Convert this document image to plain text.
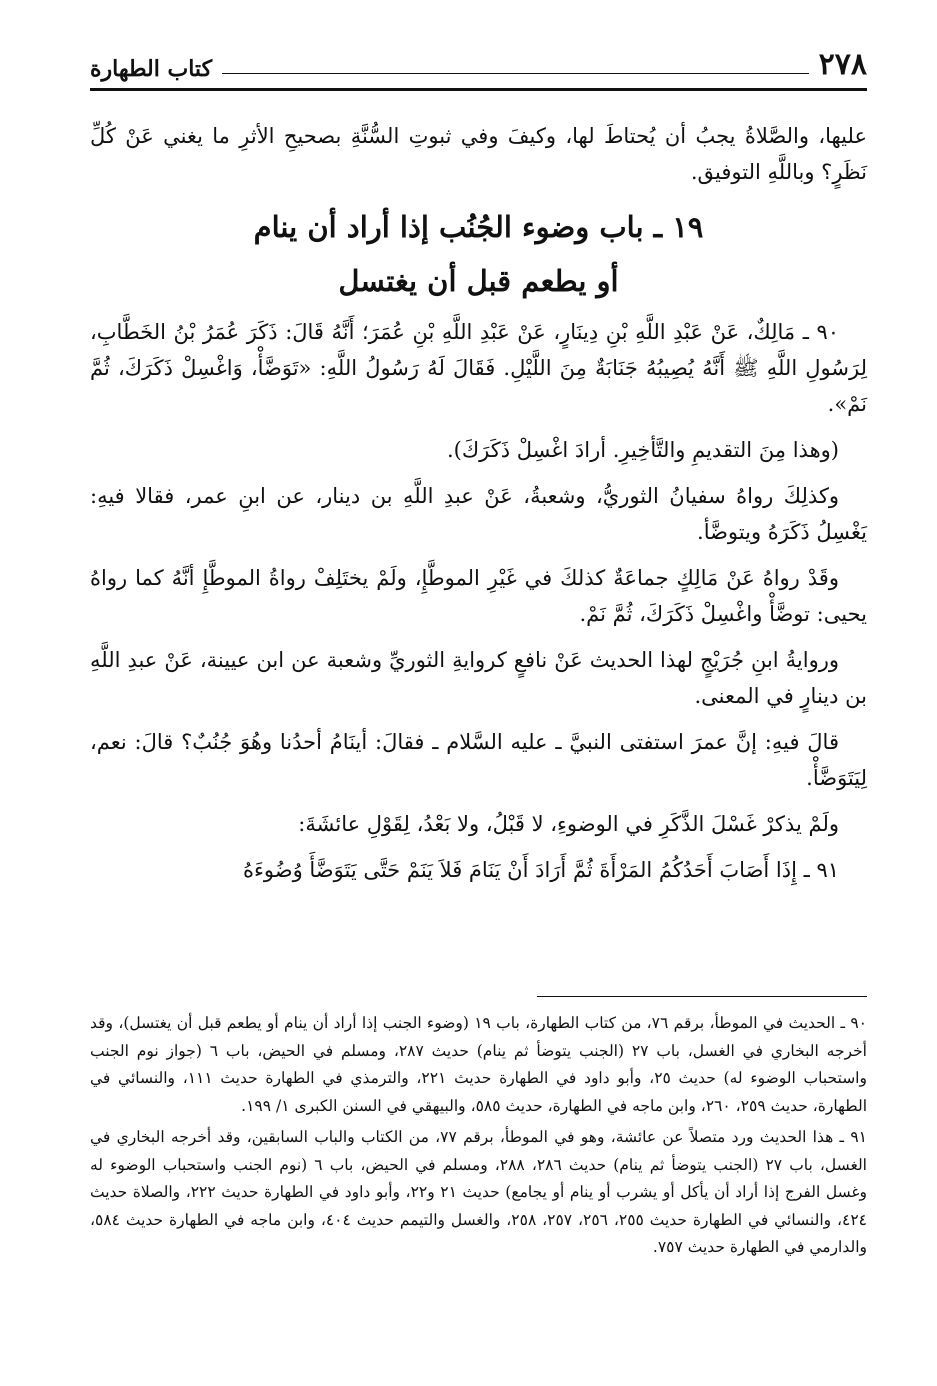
٢٧٨
كتاب الطهارة

عليها، والصَّلاةُ يجبُ أن يُحتاطَ لها، وكيفَ وفي ثبوتِ السُّنَّةِ بصحيحِ الأثرِ ما يغني عَنْ كُلِّ نَظَرٍ؟ وباللَّهِ التوفيق.

١٩ ـ باب وضوء الجُنُب إذا أراد أن ينام
أو يطعم قبل أن يغتسل

٩٠ ـ مَالِكٌ، عَنْ عَبْدِ اللَّهِ بْنِ دِينَارٍ، عَنْ عَبْدِ اللَّهِ بْنِ عُمَرَ؛ أَنَّهُ قَالَ: ذَكَرَ عُمَرُ بْنُ الخَطَّابِ، لِرَسُولِ اللَّهِ ﷺ أَنَّهُ يُصِيبُهُ جَنَابَةٌ مِنَ اللَّيْلِ. فَقَالَ لَهُ رَسُولُ اللَّهِ: «تَوَضَّأْ، وَاغْسِلْ ذَكَرَكَ، ثُمَّ نَمْ».

(وهذا مِنَ التقديمِ والتَّأخِيرِ. أرادَ اغْسِلْ ذَكَرَكَ).

وكذلِكَ رواهُ سفيانُ الثوريُّ، وشعبةُ، عَنْ عبدِ اللَّهِ بن دينار، عن ابنِ عمر، فقالا فيهِ: يَغْسِلُ ذَكَرَهُ ويتوضَّأ.

وقَدْ رواهُ عَنْ مَالِكٍ جماعَةٌ كذلكَ في غَيْرِ الموطَّإِ، ولَمْ يختَلِفْ رواةُ الموطَّإِ أنَّهُ كما رواهُ يحيى: توضَّأْ واغْسِلْ ذَكَرَكَ، ثُمَّ نَمْ.

وروايةُ ابنِ جُرَيْجٍ لهذا الحديث عَنْ نافعٍ كروايةِ الثوريِّ وشعبة عن ابن عيينة، عَنْ عبدِ اللَّهِ بن دينارٍ في المعنى.

قالَ فيهِ: إنَّ عمرَ استفتى النبيَّ ـ عليه السَّلام ـ فقالَ: أينَامُ أحدُنا وهُوَ جُنُبٌ؟ قالَ: نعم، لِيَتَوَضَّأْ.

ولَمْ يذكرْ غَسْلَ الذَّكَرِ في الوضوءِ، لا قَبْلُ، ولا بَعْدُ، لِقَوْلِ عائشَةَ:

٩١ ـ إِذَا أَصَابَ أَحَدُكُمُ المَرْأَةَ ثُمَّ أَرَادَ أَنْ يَنَامَ فَلاَ يَنَمْ حَتَّى يَتَوَضَّأَ وُضُوءَهُ

٩٠ ـ الحديث في الموطأ، برقم ٧٦، من كتاب الطهارة، باب ١٩ (وضوء الجنب إذا أراد أن ينام أو يطعم قبل أن يغتسل)، وقد أخرجه البخاري في الغسل، باب ٢٧ (الجنب يتوضأ ثم ينام) حديث ٢٨٧، ومسلم في الحيض، باب ٦ (جواز نوم الجنب واستحباب الوضوء له) حديث ٢٥، وأبو داود في الطهارة حديث ٢٢١، والترمذي في الطهارة حديث ١١١، والنسائي في الطهارة، حديث ٢٥٩، ٢٦٠، وابن ماجه في الطهارة، حديث ٥٨٥، والبيهقي في السنن الكبرى ١/ ١٩٩.

٩١ ـ هذا الحديث ورد متصلاً عن عائشة، وهو في الموطأ، برقم ٧٧، من الكتاب والباب السابقين، وقد أخرجه البخاري في الغسل، باب ٢٧ (الجنب يتوضأ ثم ينام) حديث ٢٨٦، ٢٨٨، ومسلم في الحيض، باب ٦ (نوم الجنب واستحباب الوضوء له وغسل الفرج إذا أراد أن يأكل أو يشرب أو ينام أو يجامع) حديث ٢١ و٢٢، وأبو داود في الطهارة حديث ٢٢٢، والصلاة حديث ٤٢٤، والنسائي في الطهارة حديث ٢٥٥، ٢٥٦، ٢٥٧، ٢٥٨، والغسل والتيمم حديث ٤٠٤، وابن ماجه في الطهارة حديث ٥٨٤، والدارمي في الطهارة حديث ٧٥٧.
